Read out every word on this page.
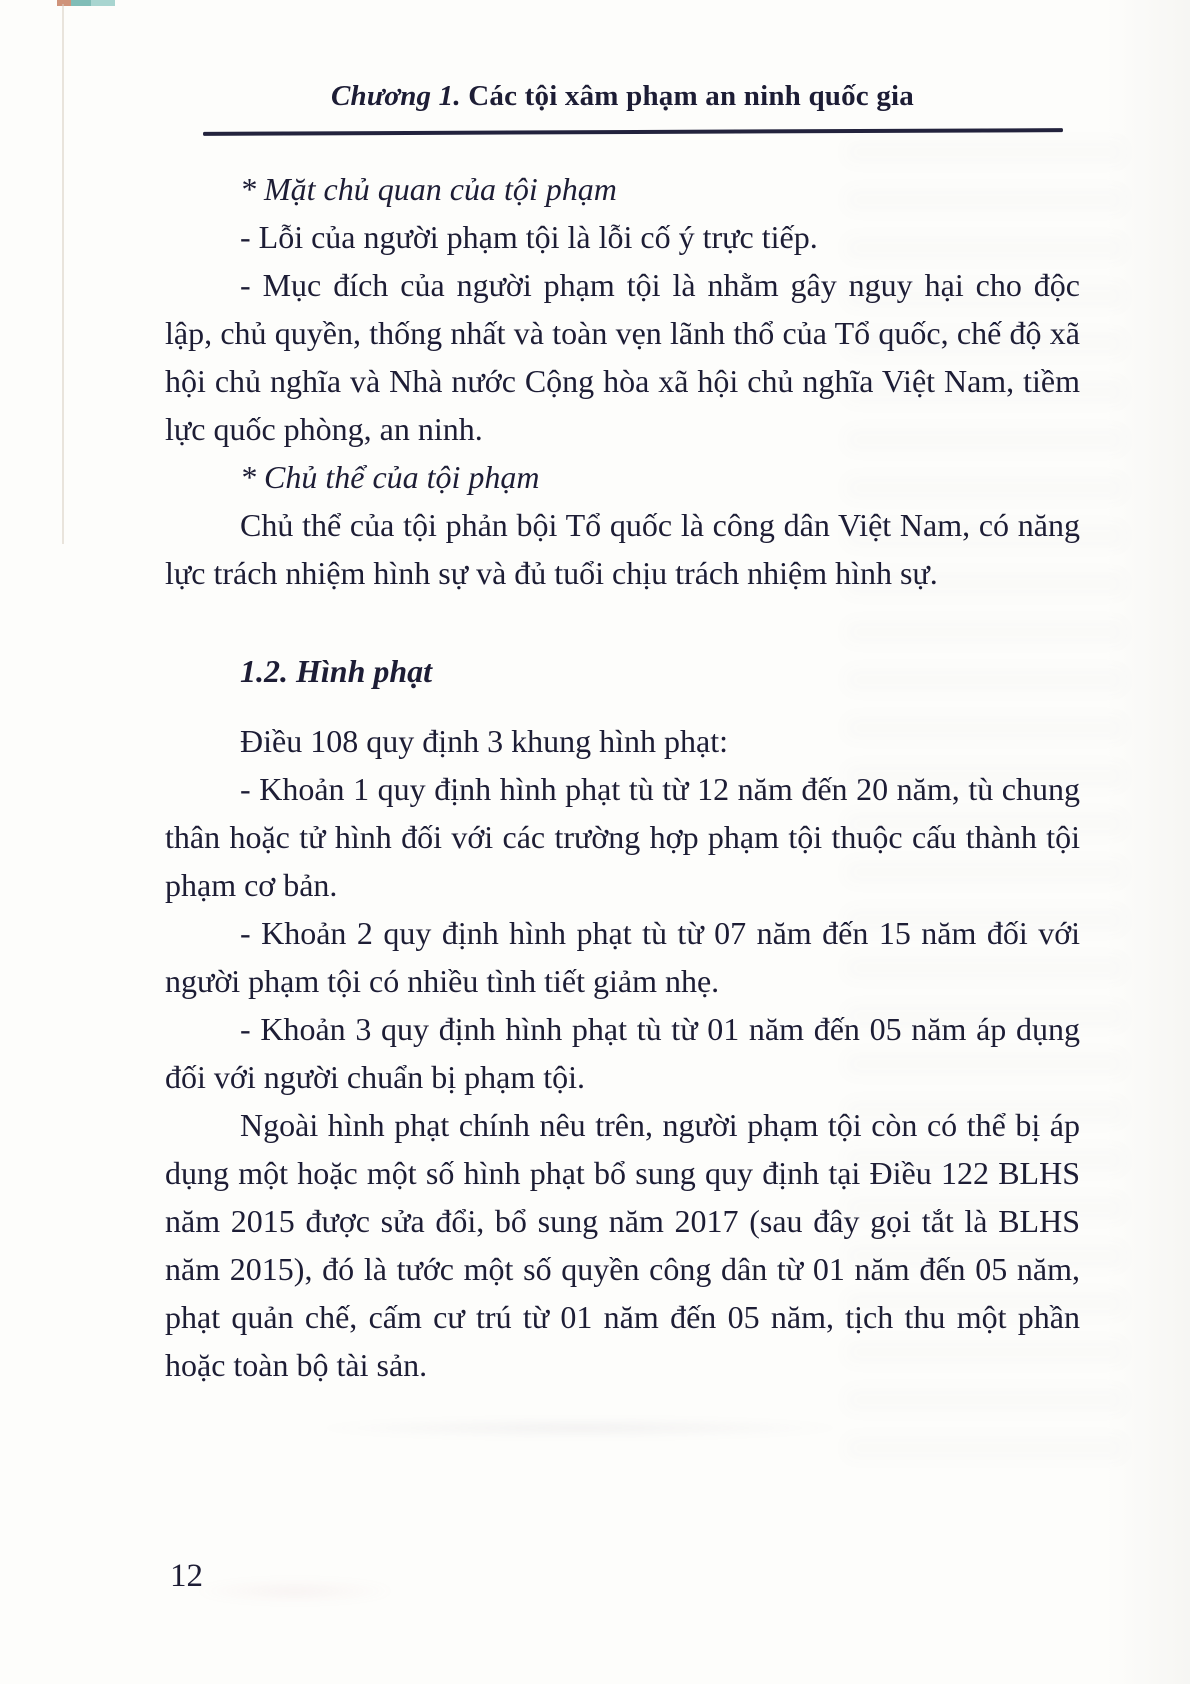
Chương 1. Các tội xâm phạm an ninh quốc gia

* Mặt chủ quan của tội phạm

- Lỗi của người phạm tội là lỗi cố ý trực tiếp.

- Mục đích của người phạm tội là nhằm gây nguy hại cho độc lập, chủ quyền, thống nhất và toàn vẹn lãnh thổ của Tổ quốc, chế độ xã hội chủ nghĩa và Nhà nước Cộng hòa xã hội chủ nghĩa Việt Nam, tiềm lực quốc phòng, an ninh.

* Chủ thể của tội phạm

Chủ thể của tội phản bội Tổ quốc là công dân Việt Nam, có năng lực trách nhiệm hình sự và đủ tuổi chịu trách nhiệm hình sự.

1.2. Hình phạt

Điều 108 quy định 3 khung hình phạt:

- Khoản 1 quy định hình phạt tù từ 12 năm đến 20 năm, tù chung thân hoặc tử hình đối với các trường hợp phạm tội thuộc cấu thành tội phạm cơ bản.

- Khoản 2 quy định hình phạt tù từ 07 năm đến 15 năm đối với người phạm tội có nhiều tình tiết giảm nhẹ.

- Khoản 3 quy định hình phạt tù từ 01 năm đến 05 năm áp dụng đối với người chuẩn bị phạm tội.

Ngoài hình phạt chính nêu trên, người phạm tội còn có thể bị áp dụng một hoặc một số hình phạt bổ sung quy định tại Điều 122 BLHS năm 2015 được sửa đổi, bổ sung năm 2017 (sau đây gọi tắt là BLHS năm 2015), đó là tước một số quyền công dân từ 01 năm đến 05 năm, phạt quản chế, cấm cư trú từ 01 năm đến 05 năm, tịch thu một phần hoặc toàn bộ tài sản.

12
